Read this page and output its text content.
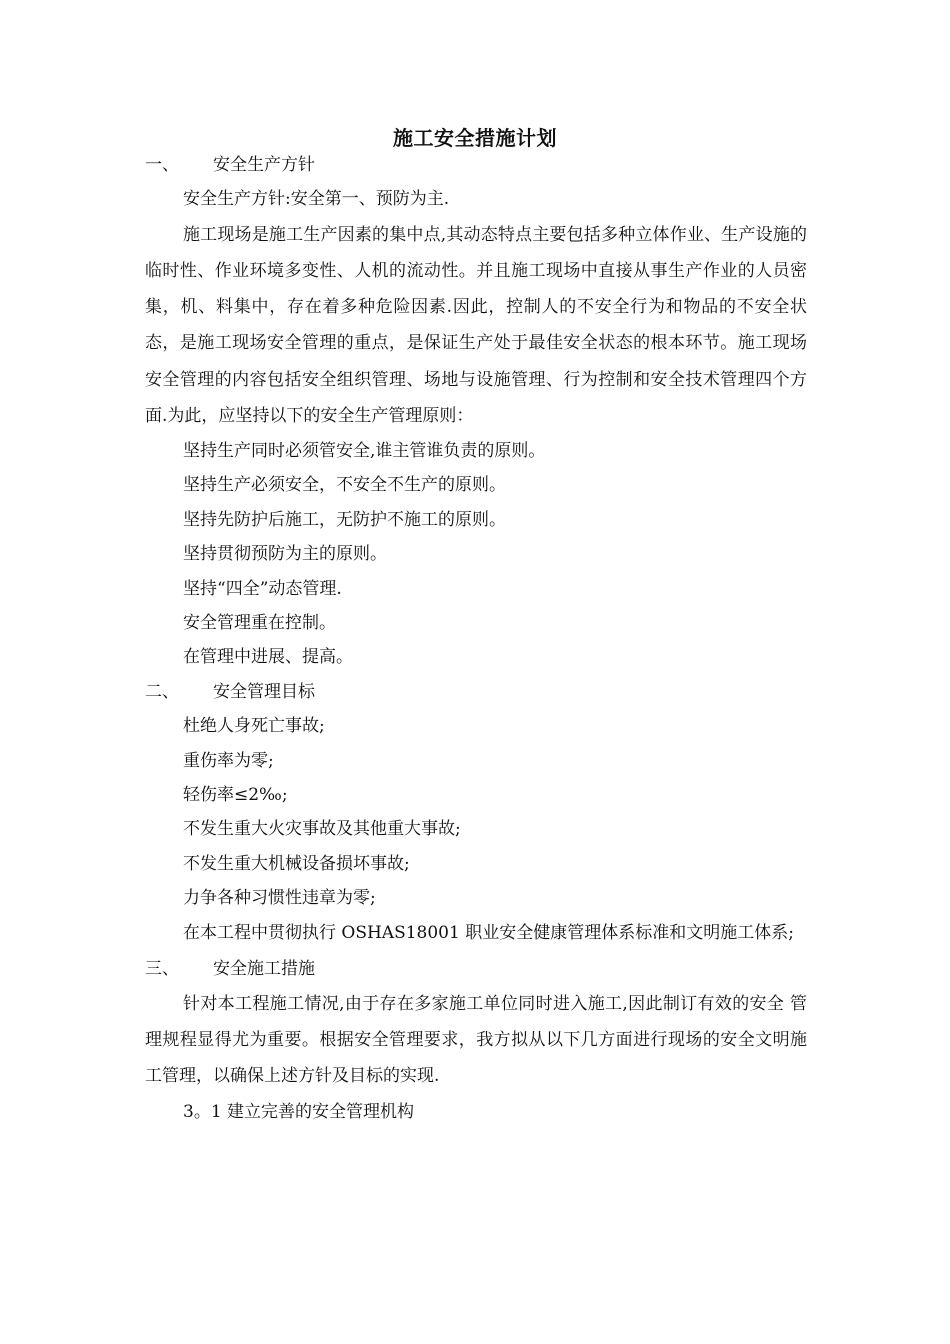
施工安全措施计划
一、 安全生产方针
安全生产方针:安全第一、预防为主.
施工现场是施工生产因素的集中点,其动态特点主要包括多种立体作业、生产设施的临时性、作业环境多变性、人机的流动性。并且施工现场中直接从事生产作业的人员密集，机、料集中，存在着多种危险因素.因此，控制人的不安全行为和物品的不安全状态，是施工现场安全管理的重点，是保证生产处于最佳安全状态的根本环节。施工现场安全管理的内容包括安全组织管理、场地与设施管理、行为控制和安全技术管理四个方面.为此，应坚持以下的安全生产管理原则：
坚持生产同时必须管安全,谁主管谁负责的原则。
坚持生产必须安全，不安全不生产的原则。
坚持先防护后施工，无防护不施工的原则。
坚持贯彻预防为主的原则。
坚持“四全”动态管理.
安全管理重在控制。
在管理中进展、提高。
二、 安全管理目标
杜绝人身死亡事故;
重伤率为零;
轻伤率≤2‰;
不发生重大火灾事故及其他重大事故;
不发生重大机械设备损坏事故;
力争各种习惯性违章为零;
在本工程中贯彻执行 OSHAS18001 职业安全健康管理体系标准和文明施工体系;
三、 安全施工措施
针对本工程施工情况,由于存在多家施工单位同时进入施工,因此制订有效的安全 管理规程显得尤为重要。根据安全管理要求，我方拟从以下几方面进行现场的安全文明施工管理，以确保上述方针及目标的实现.
3。1 建立完善的安全管理机构
